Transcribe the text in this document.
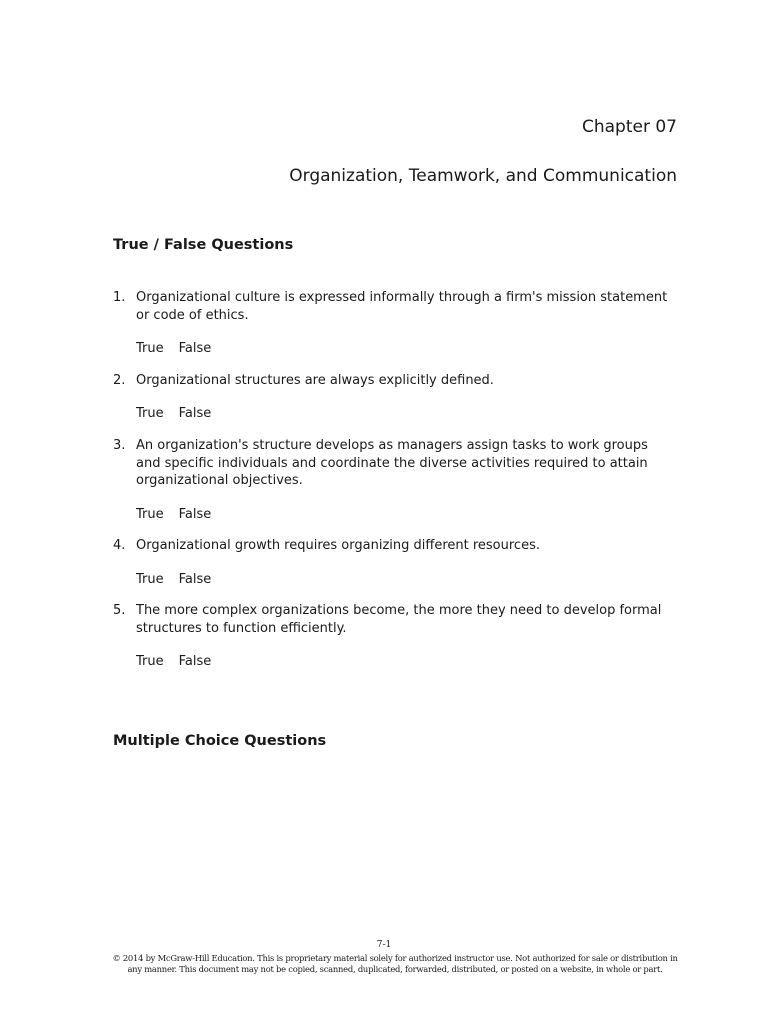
Chapter 07
Organization, Teamwork, and Communication
True / False Questions
1. Organizational culture is expressed informally through a firm's mission statement or code of ethics.
True False
2. Organizational structures are always explicitly defined.
True False
3. An organization's structure develops as managers assign tasks to work groups and specific individuals and coordinate the diverse activities required to attain organizational objectives.
True False
4. Organizational growth requires organizing different resources.
True False
5. The more complex organizations become, the more they need to develop formal structures to function efficiently.
True False
Multiple Choice Questions
7-1
© 2014 by McGraw-Hill Education. This is proprietary material solely for authorized instructor use. Not authorized for sale or distribution in any manner. This document may not be copied, scanned, duplicated, forwarded, distributed, or posted on a website, in whole or part.
